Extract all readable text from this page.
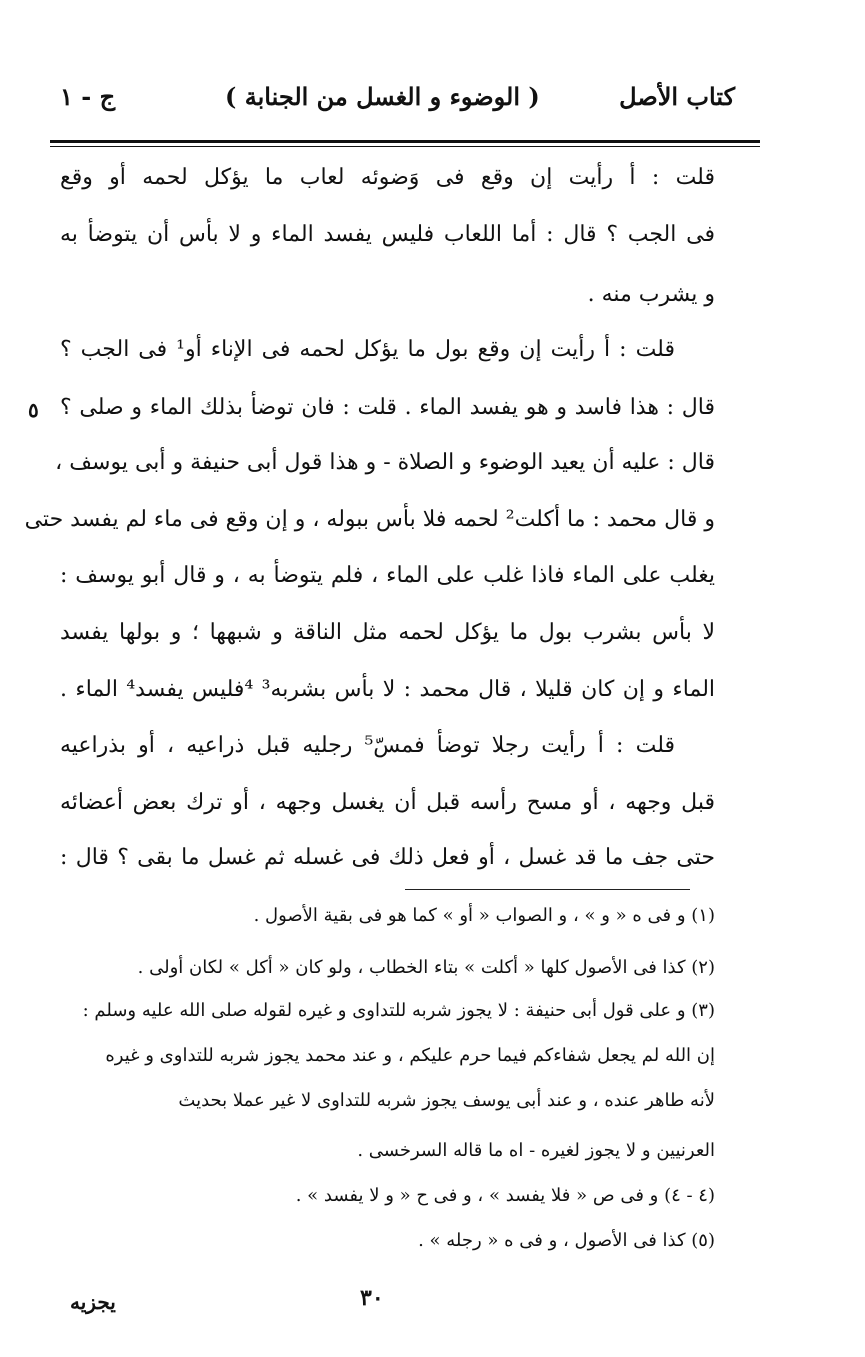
كتاب الأصل
( الوضوء و الغسل من الجنابة )
ج - ١
٥
قلت : أ رأيت إن وقع فى وَضوئه لعاب ما يؤكل لحمه أو وقع
فى الجب ؟ قال : أما اللعاب فليس يفسد الماء و لا بأس أن يتوضأ به
و يشرب منه .
قلت : أ رأيت إن وقع بول ما يؤكل لحمه فى الإناء أو¹ فى الجب ؟
قال : هذا فاسد و هو يفسد الماء . قلت : فان توضأ بذلك الماء و صلى ؟
قال : عليه أن يعيد الوضوء و الصلاة - و هذا قول أبى حنيفة و أبى يوسف ،
و قال محمد : ما أكلت² لحمه فلا بأس ببوله ، و إن وقع فى ماء لم يفسد حتى
يغلب على الماء فاذا غلب على الماء ، فلم يتوضأ به ، و قال أبو يوسف :
لا بأس بشرب بول ما يؤكل لحمه مثل الناقة و شبهها ؛ و بولها يفسد
الماء و إن كان قليلا ، قال محمد : لا بأس بشربه³ ⁴فليس يفسد⁴ الماء .
قلت : أ رأيت رجلا توضأ فمسّ⁵ رجليه قبل ذراعيه ، أو بذراعيه
قبل وجهه ، أو مسح رأسه قبل أن يغسل وجهه ، أو ترك بعض أعضائه
حتى جف ما قد غسل ، أو فعل ذلك فى غسله ثم غسل ما بقى ؟ قال :
(١) و فى ه « و » ، و الصواب « أو » كما هو فى بقية الأصول .
(٢) كذا فى الأصول كلها « أكلت » بتاء الخطاب ، ولو كان « أكل » لكان أولى .
(٣) و على قول أبى حنيفة : لا يجوز شربه للتداوى و غيره لقوله صلى الله عليه وسلم :
إن الله لم يجعل شفاءكم فيما حرم عليكم ، و عند محمد يجوز شربه للتداوى و غيره
لأنه طاهر عنده ، و عند أبى يوسف يجوز شربه للتداوى لا غير عملا بحديث
العرنيين و لا يجوز لغيره - اه ما قاله السرخسى .
(٤ - ٤) و فى ص « فلا يفسد » ، و فى ح « و لا يفسد » .
(٥) كذا فى الأصول ، و فى ه « رجله » .
٣٠
يجزيه
